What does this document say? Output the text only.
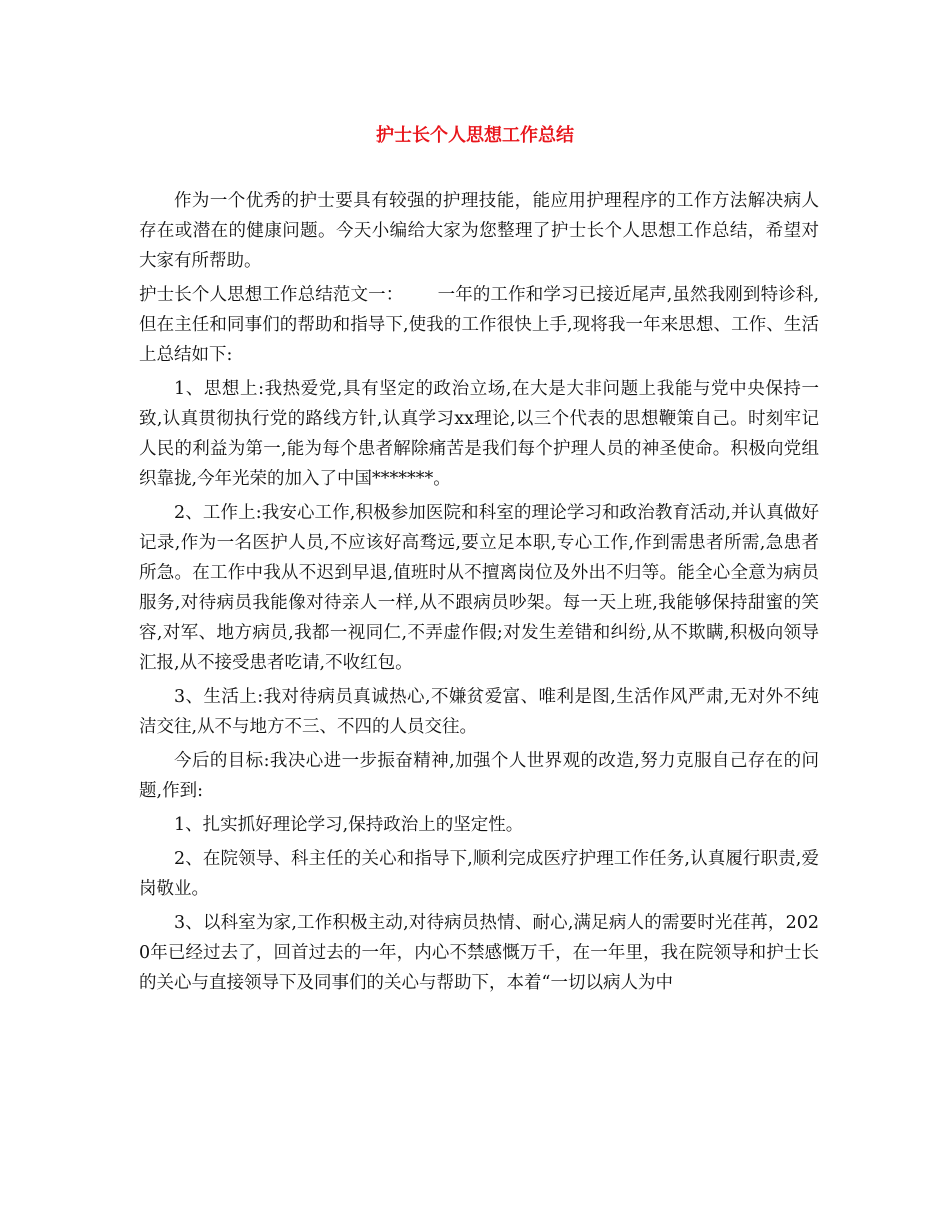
护士长个人思想工作总结

作为一个优秀的护士要具有较强的护理技能，能应用护理程序的工作方法解决病人存在或潜在的健康问题。今天小编给大家为您整理了护士长个人思想工作总结，希望对大家有所帮助。

护士长个人思想工作总结范文一： 一年的工作和学习已接近尾声,虽然我刚到特诊科,但在主任和同事们的帮助和指导下,使我的工作很快上手,现将我一年来思想、工作、生活上总结如下:

1、思想上:我热爱党,具有坚定的政治立场,在大是大非问题上我能与党中央保持一致,认真贯彻执行党的路线方针,认真学习xx理论,以三个代表的思想鞭策自己。时刻牢记人民的利益为第一,能为每个患者解除痛苦是我们每个护理人员的神圣使命。积极向党组织靠拢,今年光荣的加入了中国*******。

2、工作上:我安心工作,积极参加医院和科室的理论学习和政治教育活动,并认真做好记录,作为一名医护人员,不应该好高骛远,要立足本职,专心工作,作到需患者所需,急患者所急。在工作中我从不迟到早退,值班时从不擅离岗位及外出不归等。能全心全意为病员服务,对待病员我能像对待亲人一样,从不跟病员吵架。每一天上班,我能够保持甜蜜的笑容,对军、地方病员,我都一视同仁,不弄虚作假;对发生差错和纠纷,从不欺瞒,积极向领导汇报,从不接受患者吃请,不收红包。

3、生活上:我对待病员真诚热心,不嫌贫爱富、唯利是图,生活作风严肃,无对外不纯洁交往,从不与地方不三、不四的人员交往。

今后的目标:我决心进一步振奋精神,加强个人世界观的改造,努力克服自己存在的问题,作到:

1、扎实抓好理论学习,保持政治上的坚定性。

2、在院领导、科主任的关心和指导下,顺利完成医疗护理工作任务,认真履行职责,爱岗敬业。

3、以科室为家,工作积极主动,对待病员热情、耐心,满足病人的需要时光荏苒，2020年已经过去了，回首过去的一年，内心不禁感慨万千，在一年里，我在院领导和护士长的关心与直接领导下及同事们的关心与帮助下，本着“一切以病人为中
